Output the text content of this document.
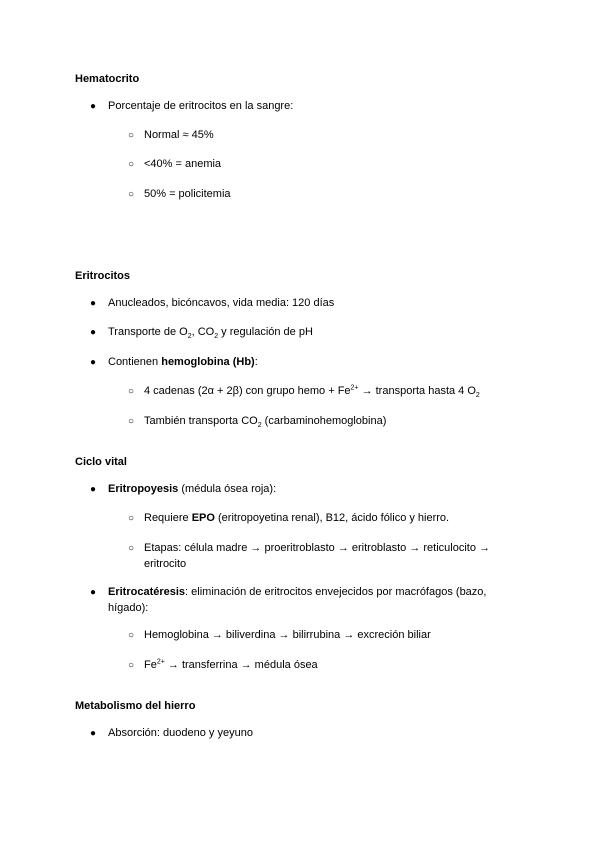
Hematocrito
● Porcentaje de eritrocitos en la sangre:
○ Normal ≈ 45%
○ <40% = anemia
○ 50% = policitemia
Eritrocitos
● Anucleados, bicóncavos, vida media: 120 días
● Transporte de $O_2$, $CO_2$ y regulación de pH
● Contienen hemoglobina (Hb):
○ 4 cadenas (2α + 2β) con grupo hemo + $Fe^{2+}$ → transporta hasta 4 $O_2$
○ También transporta $CO_2$ (carbaminohemoglobina)
Ciclo vital
● Eritropoyesis (médula ósea roja):
○ Requiere EPO (eritropoyetina renal), B12, ácido fólico y hierro.
○ Etapas: célula madre → proeritroblasto → eritroblasto → reticulocito → eritrocito
● Eritrocatéresis: eliminación de eritrocitos envejecidos por macrófagos (bazo, hígado):
○ Hemoglobina → biliverdina → bilirrubina → excreción biliar
○ $Fe^{2+}$ → transferrina → médula ósea
Metabolismo del hierro
● Absorción: duodeno y yeyuno
